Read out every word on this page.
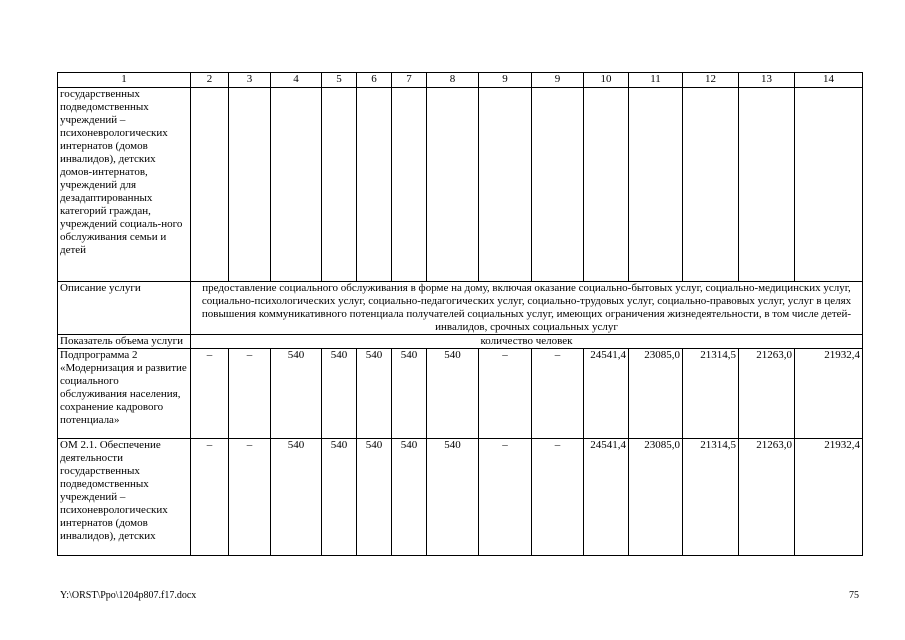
1	2	3	4	5	6	7	8	9	9	10	11	12	13	14
государственных подведомственных учреждений – психоневрологических интернатов (домов инвалидов), детских домов-интернатов, учреждений для дезадаптированных категорий граждан, учреждений социаль-ного обслуживания семьи и детей														
Описание услуги	предоставление социального обслуживания в форме на дому, включая оказание социально-бытовых услуг, социально-медицинских услуг, социально-психологических услуг, социально-педагогических услуг, социально-трудовых услуг, социально-правовых услуг, услуг в целях повышения коммуникативного потенциала получателей социальных услуг, имеющих ограничения жизнедеятельности, в том числе детей-инвалидов, срочных социальных услуг													
Показатель объема услуги	количество человек													
Подпрограмма 2 «Модернизация и развитие социального обслуживания населения, сохранение кадрового потенциала»	–	–	540	540	540	540	540	–	–	24541,4	23085,0	21314,5	21263,0	21932,4
ОМ 2.1. Обеспечение деятельности государственных подведомственных учреждений – психоневрологических интернатов (домов инвалидов), детских	–	–	540	540	540	540	540	–	–	24541,4	23085,0	21314,5	21263,0	21932,4
Y:\ORST\Ppo\1204p807.f17.docx	75
